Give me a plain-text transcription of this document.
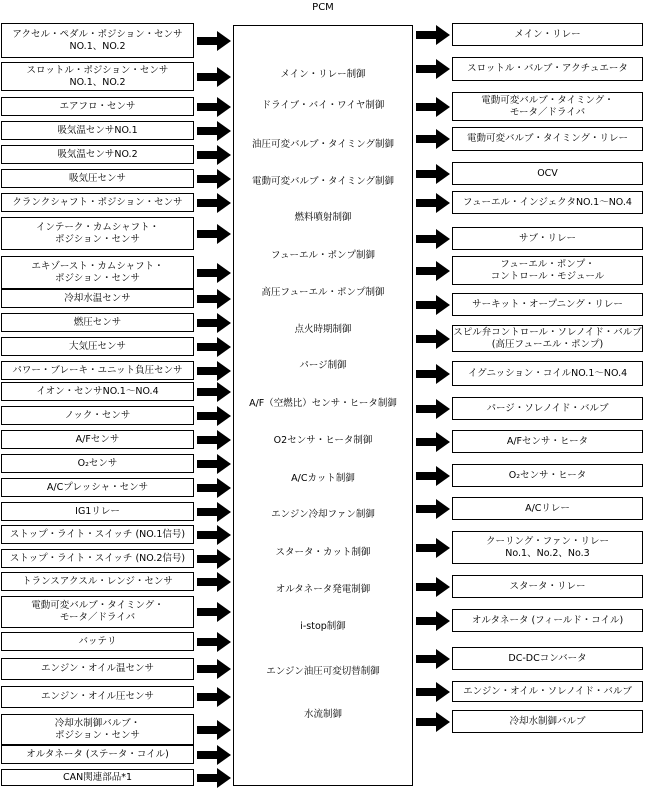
PCM
アクセル・ペダル・ポジション・センサ
NO.1、NO.2
スロットル・ポジション・センサ
NO.1、NO.2
エアフロ・センサ
吸気温センサNO.1
吸気温センサNO.2
吸気圧センサ
クランクシャフト・ポジション・センサ
インテーク・カムシャフト・
ポジション・センサ
エキゾースト・カムシャフト・
ポジション・センサ
冷却水温センサ
燃圧センサ
大気圧センサ
パワー・ブレーキ・ユニット負圧センサ
イオン・センサNO.1～NO.4
ノック・センサ
A/Fセンサ
O₂センサ
A/Cプレッシャ・センサ
IG1リレー
ストップ・ライト・スイッチ (NO.1信号)
ストップ・ライト・スイッチ (NO.2信号)
トランスアクスル・レンジ・センサ
電動可変バルブ・タイミング・
モータ／ドライバ
バッテリ
エンジン・オイル温センサ
エンジン・オイル圧センサ
冷却水制御バルブ・
ポジション・センサ
オルタネータ (ステータ・コイル)
CAN関連部品*1
メイン・リレー制御
ドライブ・バイ・ワイヤ制御
油圧可変バルブ・タイミング制御
電動可変バルブ・タイミング制御
燃料噴射制御
フューエル・ポンプ制御
高圧フューエル・ポンプ制御
点火時期制御
パージ制御
A/F（空燃比）センサ・ヒータ制御
O2センサ・ヒータ制御
A/Cカット制御
エンジン冷却ファン制御
スタータ・カット制御
オルタネータ発電制御
i-stop制御
エンジン油圧可変切替制御
水流制御
メイン・リレー
スロットル・バルブ・アクチュエータ
電動可変バルブ・タイミング・
モータ／ドライバ
電動可変バルブ・タイミング・リレー
OCV
フューエル・インジェクタNO.1～NO.4
サブ・リレー
フューエル・ポンプ・
コントロール・モジュール
サーキット・オープニング・リレー
スピル弁コントロール・ソレノイド・バルブ
(高圧フューエル・ポンプ)
イグニッション・コイルNO.1～NO.4
パージ・ソレノイド・バルブ
A/Fセンサ・ヒータ
O₂センサ・ヒータ
A/Cリレー
クーリング・ファン・リレー
No.1、No.2、No.3
スタータ・リレー
オルタネータ (フィールド・コイル)
DC-DCコンバータ
エンジン・オイル・ソレノイド・バルブ
冷却水制御バルブ
